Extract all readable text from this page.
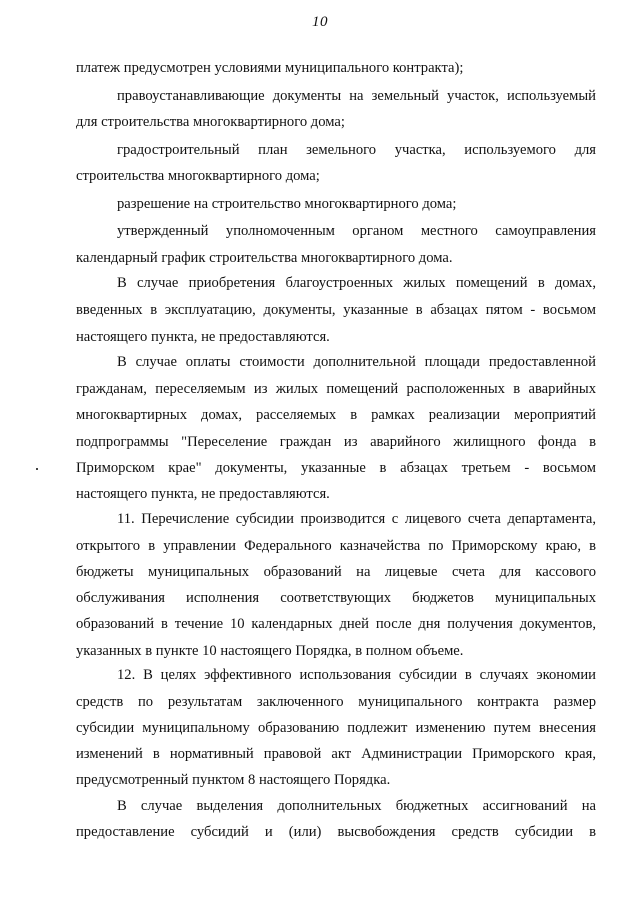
10
платеж предусмотрен условиями муниципального контракта);
правоустанавливающие документы на земельный участок, используемый
для строительства многоквартирного дома;
градостроительный план земельного участка, используемого для
строительства многоквартирного дома;
разрешение на строительство многоквартирного дома;
утвержденный уполномоченным органом местного самоуправления
календарный график строительства многоквартирного дома.
В случае приобретения благоустроенных жилых помещений в домах,
введенных в эксплуатацию, документы, указанные в абзацах пятом - восьмом
настоящего пункта, не предоставляются.
В случае оплаты стоимости дополнительной площади предоставленной
гражданам, переселяемым из жилых помещений расположенных в аварийных
многоквартирных домах, расселяемых в рамках реализации мероприятий
подпрограммы "Переселение граждан из аварийного жилищного фонда в
Приморском крае" документы, указанные в абзацах третьем - восьмом
настоящего пункта, не предоставляются.
11. Перечисление субсидии производится с лицевого счета департамента,
открытого в управлении Федерального казначейства по Приморскому краю, в
бюджеты муниципальных образований на лицевые счета для кассового
обслуживания исполнения соответствующих бюджетов муниципальных
образований в течение 10 календарных дней после дня получения документов,
указанных в пункте 10 настоящего Порядка, в полном объеме.
12. В целях эффективного использования субсидии в случаях экономии
средств по результатам заключенного муниципального контракта размер
субсидии муниципальному образованию подлежит изменению путем внесения
изменений в нормативный правовой акт Администрации Приморского края,
предусмотренный пунктом 8 настоящего Порядка.
В случае выделения дополнительных бюджетных ассигнований на
предоставление субсидий и (или) высвобождения средств субсидии в
